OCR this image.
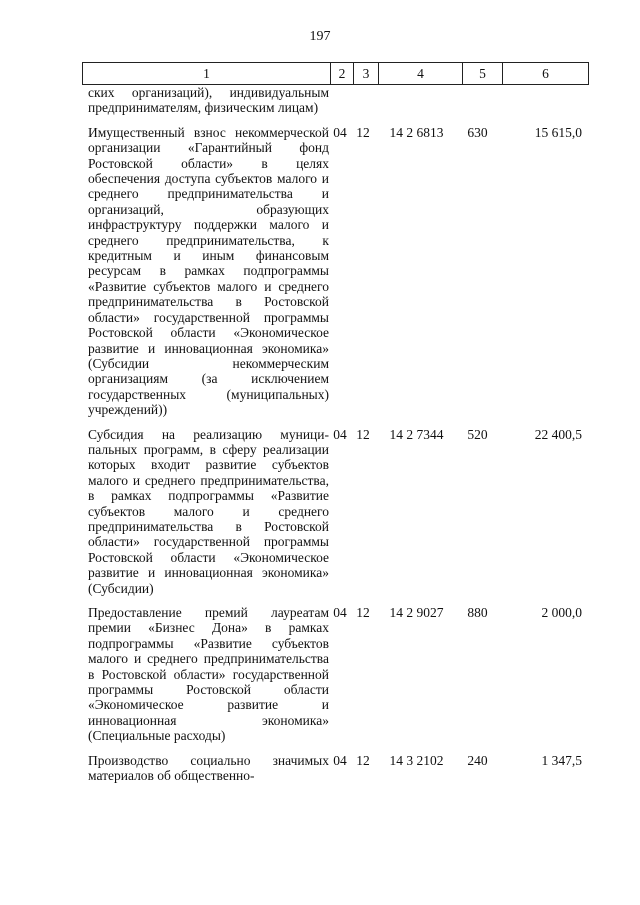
197
1	2	3	4	5	6
ских организаций), индивидуальным предпринимателям, физическим лицам)					
Имущественный взнос некоммерческой организации «Гарантийный фонд Ростовской области» в целях обеспечения доступа субъектов малого и среднего предпринимательства и организаций, образующих инфраструктуру поддержки малого и среднего предпринимательства, к кредитным и иным финансовым ресурсам в рамках подпрограммы «Развитие субъектов малого и среднего предпринимательства в Ростовской области» государственной программы Ростовской области «Экономическое развитие и инновационная экономика» (Субсидии некоммерческим организациям (за исключением государственных (муниципальных) учреждений))	04	12	14 2 6813	630	15 615,0
Субсидия на реализацию муниципальных программ, в сферу реализации которых входит развитие субъектов малого и среднего предпринимательства, в рамках подпрограммы «Развитие субъектов малого и среднего предпринимательства в Ростовской области» государственной программы Ростовской области «Экономическое развитие и инновационная экономика» (Субсидии)	04	12	14 2 7344	520	22 400,5
Предоставление премий лауреатам премии «Бизнес Дона» в рамках подпрограммы «Развитие субъектов малого и среднего предпринимательства в Ростовской области» государственной программы Ростовской области «Экономическое развитие и инновационная экономика» (Специальные расходы)	04	12	14 2 9027	880	2 000,0
Производство социально значимых материалов об общественно-	04	12	14 3 2102	240	1 347,5
